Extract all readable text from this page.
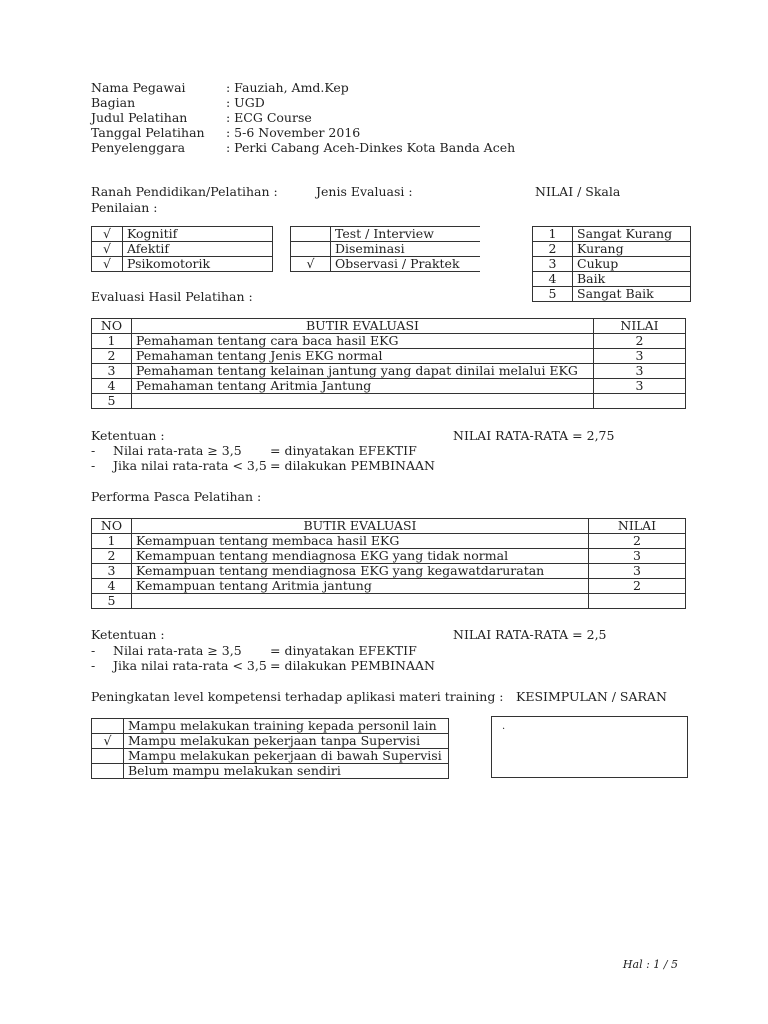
Nama Pegawai	: Fauziah, Amd.Kep
Bagian	: UGD
Judul Pelatihan	: ECG Course
Tanggal Pelatihan : 5-6 November 2016
Penyelenggara	: Perki Cabang Aceh-Dinkes Kota Banda Aceh
Ranah Pendidikan/Pelatihan :	Jenis Evaluasi :	NILAI / Skala
Penilaian :
√	Kognitif
√	Afektif
√	Psikomotorik
	Test / Interview
	Diseminasi
√	Observasi / Praktek
1	Sangat Kurang
2	Kurang
3	Cukup
4	Baik
5	Sangat Baik
Evaluasi Hasil Pelatihan :
NO	BUTIR EVALUASI	NILAI
1	Pemahaman tentang cara baca hasil EKG	2
2	Pemahaman tentang Jenis EKG normal	3
3	Pemahaman tentang kelainan jantung yang dapat dinilai melalui EKG	3
4	Pemahaman tentang Aritmia Jantung	3
5		
Ketentuan :	NILAI RATA-RATA = 2,75
- Nilai rata-rata ≥ 3,5 = dinyatakan EFEKTIF
- Jika nilai rata-rata < 3,5 = dilakukan PEMBINAAN
Performa Pasca Pelatihan :
NO	BUTIR EVALUASI	NILAI
1	Kemampuan tentang membaca hasil EKG	2
2	Kemampuan tentang mendiagnosa EKG yang tidak normal	3
3	Kemampuan tentang mendiagnosa EKG yang kegawatdaruratan	3
4	Kemampuan tentang Aritmia jantung	2
5		
Ketentuan :	NILAI RATA-RATA = 2,5
- Nilai rata-rata ≥ 3,5 = dinyatakan EFEKTIF
- Jika nilai rata-rata < 3,5 = dilakukan PEMBINAAN
Peningkatan level kompetensi terhadap aplikasi materi training : KESIMPULAN / SARAN
	Mampu melakukan training kepada personil lain
√	Mampu melakukan pekerjaan tanpa Supervisi
	Mampu melakukan pekerjaan di bawah Supervisi
	Belum mampu melakukan sendiri
.
Hal : 1 / 5
